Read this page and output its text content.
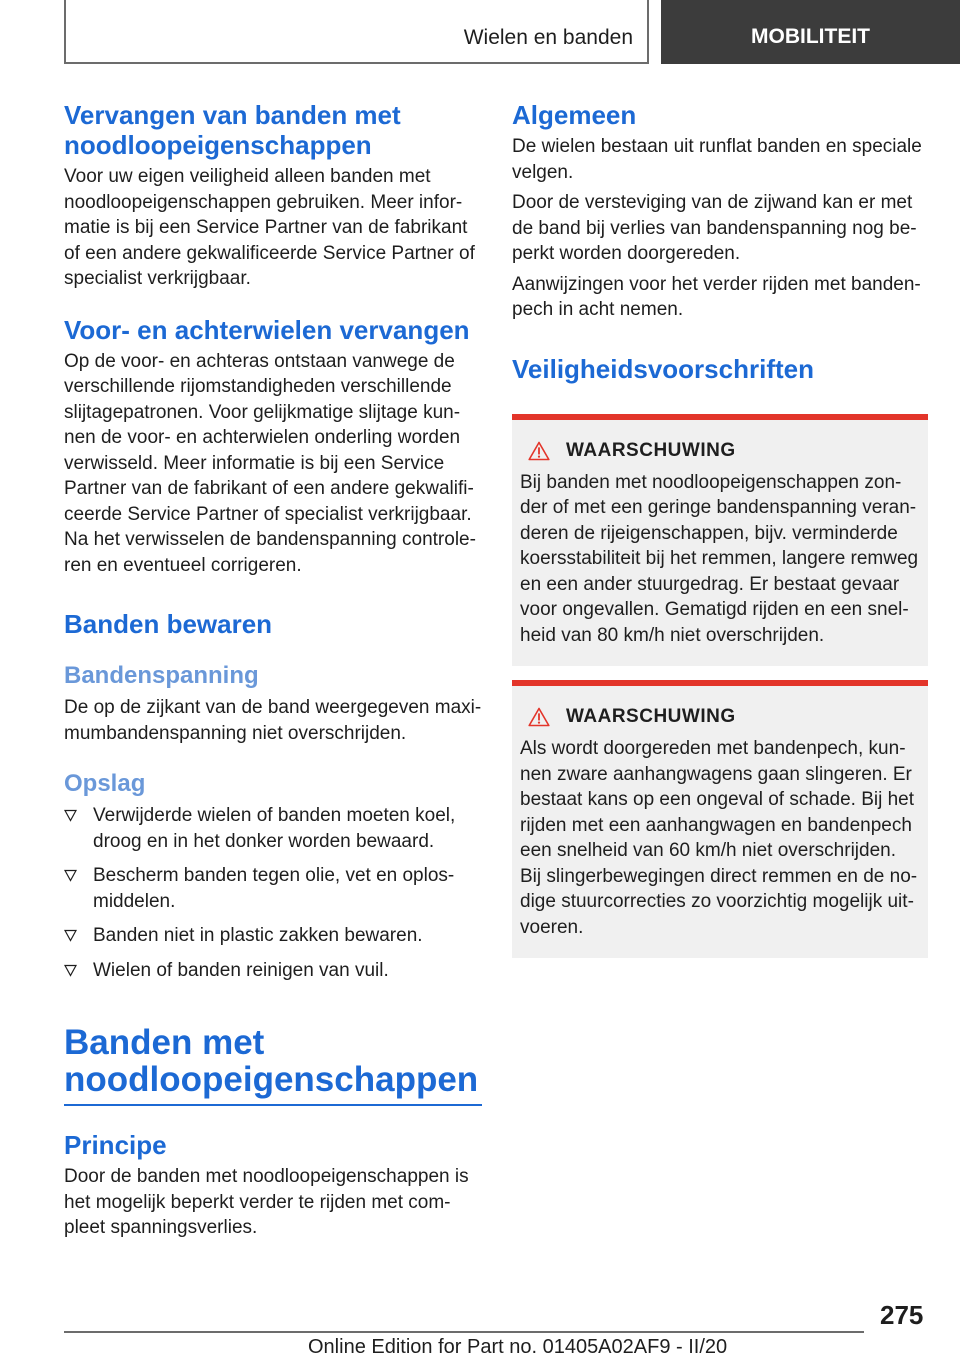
Wielen en banden	MOBILITEIT
Vervangen van banden met noodloopeigenschappen

Voor uw eigen veiligheid alleen banden met noodloopeigenschappen gebruiken. Meer informatie is bij een Service Partner van de fabrikant of een andere gekwalificeerde Service Partner of specialist verkrijgbaar.

Voor- en achterwielen vervangen

Op de voor- en achteras ontstaan vanwege de verschillende rijomstandigheden verschillende slijtagepatronen. Voor gelijkmatige slijtage kunnen de voor- en achterwielen onderling worden verwisseld. Meer informatie is bij een Service Partner van de fabrikant of een andere gekwalificeerde Service Partner of specialist verkrijgbaar. Na het verwisselen de bandenspanning controleren en eventueel corrigeren.

Banden bewaren
Bandenspanning

De op de zijkant van de band weergegeven maximumbandenspanning niet overschrijden.

Opslag
Verwijderde wielen of banden moeten koel, droog en in het donker worden bewaard.
Bescherm banden tegen olie, vet en oplosmiddelen.
Banden niet in plastic zakken bewaren.
Wielen of banden reinigen van vuil.
Banden met noodloopeigenschappen
Principe

Door de banden met noodloopeigenschappen is het mogelijk beperkt verder te rijden met compleet spanningsverlies.

Algemeen

De wielen bestaan uit runflat banden en speciale velgen.

Door de versteviging van de zijwand kan er met de band bij verlies van bandenspanning nog beperkt worden doorgereden.

Aanwijzingen voor het verder rijden met bandenpech in acht nemen.

Veiligheidsvoorschriften
WAARSCHUWING

Bij banden met noodloopeigenschappen zonder of met een geringe bandenspanning veranderen de rijeigenschappen, bijv. verminderde koersstabiliteit bij het remmen, langere remweg en een ander stuurgedrag. Er bestaat gevaar voor ongevallen. Gematigd rijden en een snelheid van 80 km/h niet overschrijden.

WAARSCHUWING

Als wordt doorgereden met bandenpech, kunnen zware aanhangwagens gaan slingeren. Er bestaat kans op een ongeval of schade. Bij het rijden met een aanhangwagen en bandenpech een snelheid van 60 km/h niet overschrijden. Bij slingerbewegingen direct remmen en de nodige stuurcorrecties zo voorzichtig mogelijk uitvoeren.

275
Online Edition for Part no. 01405A02AF9 - II/20
